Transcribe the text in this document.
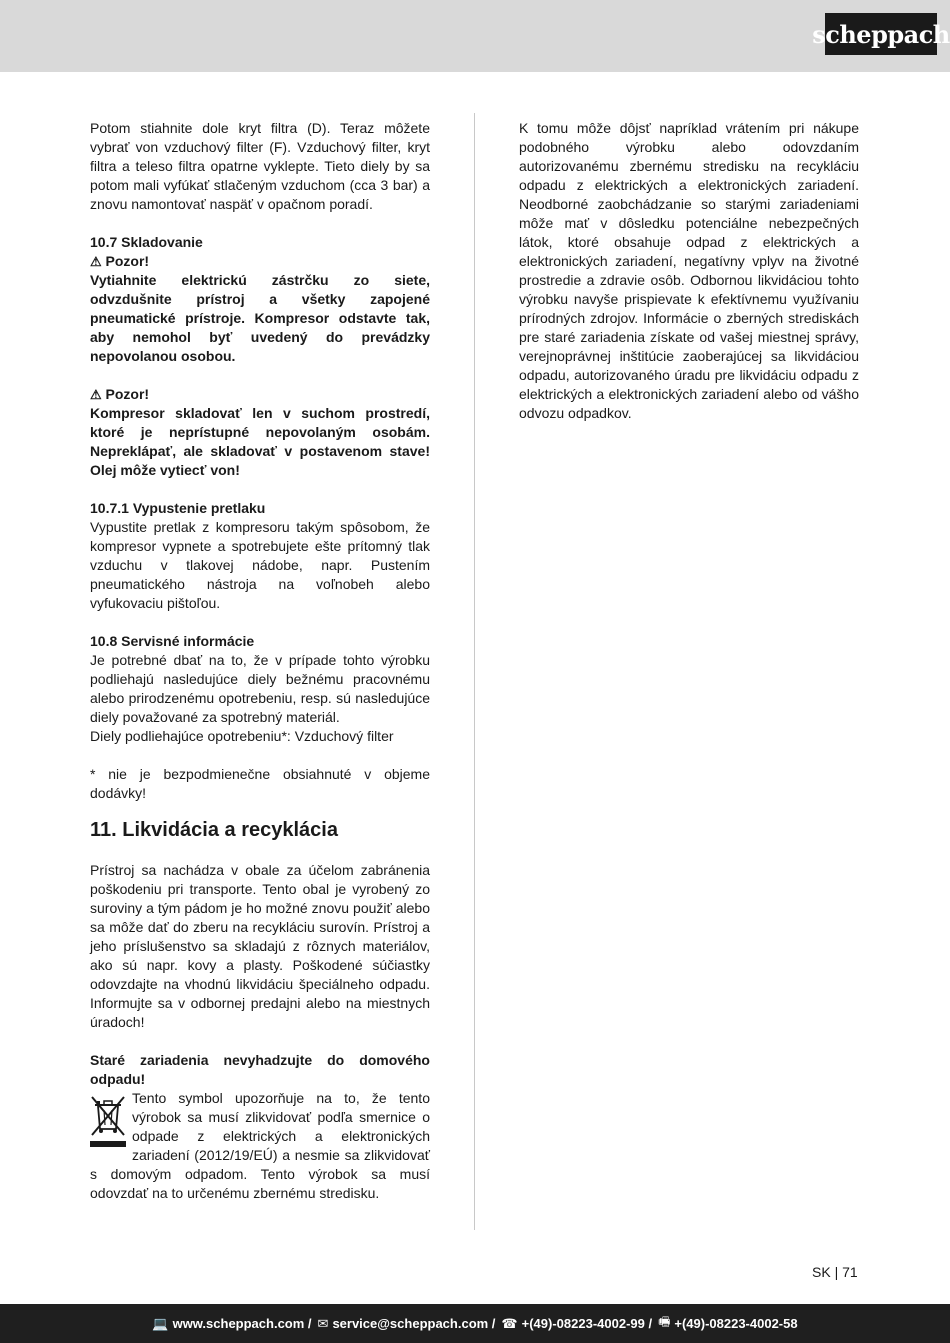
scheppach

Potom stiahnite dole kryt filtra (D). Teraz môžete vybrať von vzduchový filter (F). Vzduchový filter, kryt filtra a teleso filtra opatrne vyklepte. Tieto diely by sa potom mali vyfúkať stlačeným vzduchom (cca 3 bar) a znovu namontovať naspäť v opačnom poradí.

10.7 Skladovanie

⚠ Pozor!

Vytiahnite elektrickú zástrčku zo siete, odvzdušnite prístroj a všetky zapojené pneumatické prístroje. Kompresor odstavte tak, aby nemohol byť uvedený do prevádzky nepovolanou osobou.

⚠ Pozor!

Kompresor skladovať len v suchom prostredí, ktoré je neprístupné nepovolaným osobám. Neprekláp​ať, ale skladovať v postavenom stave! Olej môže vytiecť von!

10.7.1 Vypustenie pretlaku

Vypustite pretlak z kompresoru takým spôsobom, že kompresor vypnete a spotrebujete ešte prítomný tlak vzduchu v tlakovej nádobe, napr. Pustením pneumatického nástroja na voľnobeh alebo vyfukovaciu pištoľou.

10.8 Servisné informácie

Je potrebné dbať na to, že v prípade tohto výrobku podliehajú nasledujúce diely bežnému pracovnému alebo prirodzenému opotrebeniu, resp. sú nasledujúce diely považované za spotrebný materiál.

Diely podliehajúce opotrebeniu*: Vzduchový filter

* nie je bezpodmienečne obsiahnuté v objeme dodávky!

11. Likvidácia a recyklácia

Prístroj sa nachádza v obale za účelom zabránenia poškodeniu pri transporte. Tento obal je vyrobený zo suroviny a tým pádom je ho možné znovu použiť alebo sa môže dať do zberu na recykláciu surovín. Prístroj a jeho príslušenstvo sa skladajú z rôznych materiálov, ako sú napr. kovy a plasty. Poškodené súčiastky odovzdajte na vhodnú likvidáciu špeciálneho odpadu. Informujte sa v odbornej predajni alebo na miestnych úradoch!

Staré zariadenia nevyhadzujte do domového odpadu!

Tento symbol upozorňuje na to, že tento výrobok sa musí zlikvidovať podľa smernice o odpade z elektrických a elektronických zariadení (2012/19/EÚ) a nesmie sa zlikvidovať s domovým odpadom. Tento výrobok sa musí odovzdať na to určenému zbernému stredisku.

K tomu môže dôjsť napríklad vrátením pri nákupe podobného výrobku alebo odovzdaním autorizovanému zbernému stredisku na recykláciu odpadu z elektrických a elektronických zariadení. Neodborné zaobchádzanie so starými zariadeniami môže mať v dôsledku potenciálne nebezpečných látok, ktoré obsahuje odpad z elektrických a elektronických zariadení, negatívny vplyv na životné prostredie a zdravie osôb. Odbornou likvidáciou tohto výrobku navyše prispievate k efektívnemu využívaniu prírodných zdrojov. Informácie o zberných strediskách pre staré zariadenia získate od vašej miestnej správy, verejnoprávnej inštitúcie zaoberajúcej sa likvidáciou odpadu, autorizovaného úradu pre likvidáciu odpadu z elektrických a elektronických zariadení alebo od vášho odvozu odpadkov.

SK | 71
💻 www.scheppach.com / ✉ service@scheppach.com / ☎ +(49)-08223-4002-99 / 🖷 +(49)-08223-4002-58
